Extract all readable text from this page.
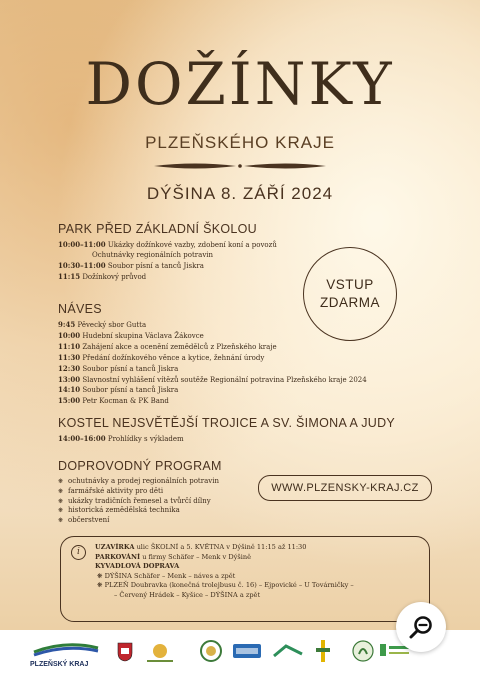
DOŽÍNKY
PLZEŇSKÉHO KRAJE
DÝŠINA 8. ZÁŘÍ 2024
PARK PŘED ZÁKLADNÍ ŠKOLOU
10:00–11:00 Ukázky dožínkové vazby, zdobení koní a povozů
Ochutnávky regionálních potravin
10:30–11:00 Soubor písní a tanců Jiskra
11:15 Dožínkový průvod
VSTUP
ZDARMA
NÁVES
9:45 Pěvecký sbor Gutta
10:00 Hudební skupina Václava Žákovce
11:10 Zahájení akce a ocenění zemědělců z Plzeňského kraje
11:30 Předání dožínkového věnce a kytice, žehnání úrody
12:30 Soubor písní a tanců Jiskra
13:00 Slavnostní vyhlášení vítězů soutěže Regionální potravina Plzeňského kraje 2024
14:10 Soubor písní a tanců Jiskra
15:00 Petr Kocman & PK Band
KOSTEL NEJSVĚTĚJŠÍ TROJICE A SV. ŠIMONA A JUDY
14:00–16:00 Prohlídky s výkladem
DOPROVODNÝ PROGRAM
❋ ochutnávky a prodej regionálních potravin
❋ farmářské aktivity pro děti
❋ ukázky tradičních řemesel a tvůrčí dílny
❋ historická zemědělská technika
❋ občerstvení
WWW.PLZENSKY-KRAJ.CZ
i	UZAVÍRKA ulic ŠKOLNÍ a 5. KVĚTNA v Dýšině 11:15 až 11:30
PARKOVÁNÍ u firmy Schäfer – Menk v Dýšině
KYVADLOVÁ DOPRAVA
❋ DÝŠINA Schäfer – Menk – náves a zpět
❋ PLZEŇ Doubravka (konečná trolejbusu č. 16) – Ejpovické – U Továrničky –
– Červený Hrádek – Kyšice – DÝŠINA a zpět
PLZEŇSKÝ KRAJ
